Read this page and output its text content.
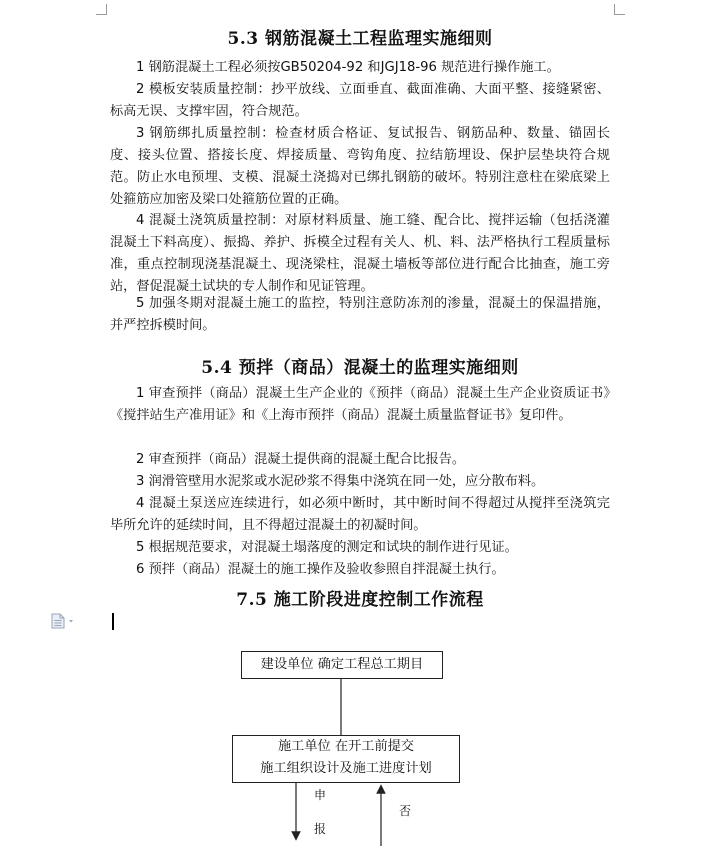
5.3 钢筋混凝土工程监理实施细则

1 钢筋混凝土工程必须按GB50204-92 和JGJ18-96 规范进行操作施工。

2 模板安装质量控制：抄平放线、立面垂直、截面准确、大面平整、接缝紧密、标高无误、支撑牢固，符合规范。

3 钢筋绑扎质量控制：检查材质合格证、复试报告、钢筋品种、数量、锚固长度、接头位置、搭接长度、焊接质量、弯钩角度、拉结筋埋设、保护层垫块符合规范。防止水电预埋、支模、混凝土浇捣对已绑扎钢筋的破坏。特别注意柱在梁底梁上处箍筋应加密及梁口处箍筋位置的正确。

4 混凝土浇筑质量控制：对原材料质量、施工缝、配合比、搅拌运输（包括浇灌混凝土下料高度）、振捣、养护、拆模全过程有关人、机、料、法严格执行工程质量标准，重点控制现浇基混凝土、现浇梁柱，混凝土墙板等部位进行配合比抽查，施工旁站，督促混凝土试块的专人制作和见证管理。

5 加强冬期对混凝土施工的监控，特别注意防冻剂的渗量，混凝土的保温措施，并严控拆模时间。

5.4 预拌（商品）混凝土的监理实施细则

1 审查预拌（商品）混凝土生产企业的《预拌（商品）混凝土生产企业资质证书》《搅拌站生产准用证》和《上海市预拌（商品）混凝土质量监督证书》复印件。

2 审查预拌（商品）混凝土提供商的混凝土配合比报告。

3 润滑管壁用水泥浆或水泥砂浆不得集中浇筑在同一处，应分散布料。

4 混凝土泵送应连续进行，如必须中断时，其中断时间不得超过从搅拌至浇筑完毕所允许的延续时间，且不得超过混凝土的初凝时间。

5 根据规范要求，对混凝土塌落度的测定和试块的制作进行见证。

6 预拌（商品）混凝土的施工操作及验收参照自拌混凝土执行。

7.5 施工阶段进度控制工作流程
建设单位 确定工程总工期目
施工单位 在开工前提交
施工组织设计及施工进度计划
申
报
否
